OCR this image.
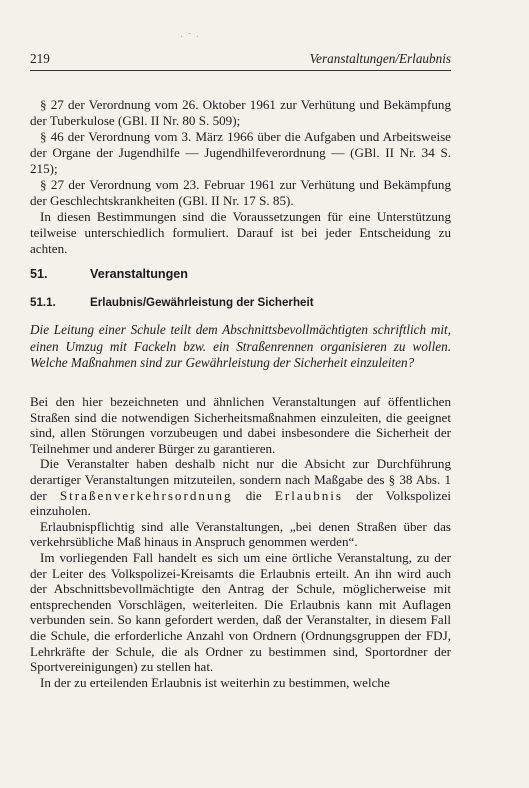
· ˜ ·
219	Veranstaltungen/Erlaubnis

§ 27 der Verordnung vom 26. Oktober 1961 zur Verhütung und Bekämpfung der Tuberkulose (GBl. II Nr. 80 S. 509);

§ 46 der Verordnung vom 3. März 1966 über die Aufgaben und Arbeitsweise der Organe der Jugendhilfe — Jugendhilfeverordnung — (GBl. II Nr. 34 S. 215);

§ 27 der Verordnung vom 23. Februar 1961 zur Verhütung und Bekämpfung der Geschlechtskrankheiten (GBl. II Nr. 17 S. 85).

In diesen Bestimmungen sind die Voraussetzungen für eine Unterstützung teilweise unterschiedlich formuliert. Darauf ist bei jeder Entscheidung zu achten.

51.	Veranstaltungen
51.1.	Erlaubnis/Gewährleistung der Sicherheit

Die Leitung einer Schule teilt dem Abschnittsbevollmächtigten schriftlich mit, einen Umzug mit Fackeln bzw. ein Straßenrennen organisieren zu wollen. Welche Maßnahmen sind zur Gewährleistung der Sicherheit einzuleiten?

Bei den hier bezeichneten und ähnlichen Veranstaltungen auf öffentlichen Straßen sind die notwendigen Sicherheitsmaßnahmen einzuleiten, die geeignet sind, allen Störungen vorzubeugen und dabei insbesondere die Sicherheit der Teilnehmer und anderer Bürger zu garantieren.

Die Veranstalter haben deshalb nicht nur die Absicht zur Durchführung derartiger Veranstaltungen mitzuteilen, sondern nach Maßgabe des § 38 Abs. 1 der Straßenverkehrsordnung die Erlaubnis der Volkspolizei einzuholen.

Erlaubnispflichtig sind alle Veranstaltungen, „bei denen Straßen über das verkehrsübliche Maß hinaus in Anspruch genommen werden“.

Im vorliegenden Fall handelt es sich um eine örtliche Veranstaltung, zu der der Leiter des Volkspolizei-Kreisamts die Erlaubnis erteilt. An ihn wird auch der Abschnittsbevollmächtigte den Antrag der Schule, möglicherweise mit entsprechenden Vorschlägen, weiterleiten. Die Erlaubnis kann mit Auflagen verbunden sein. So kann gefordert werden, daß der Veranstalter, in diesem Fall die Schule, die erforderliche Anzahl von Ordnern (Ordnungsgruppen der FDJ, Lehrkräfte der Schule, die als Ordner zu bestimmen sind, Sportordner der Sportvereinigungen) zu stellen hat.

In der zu erteilenden Erlaubnis ist weiterhin zu bestimmen, welche
